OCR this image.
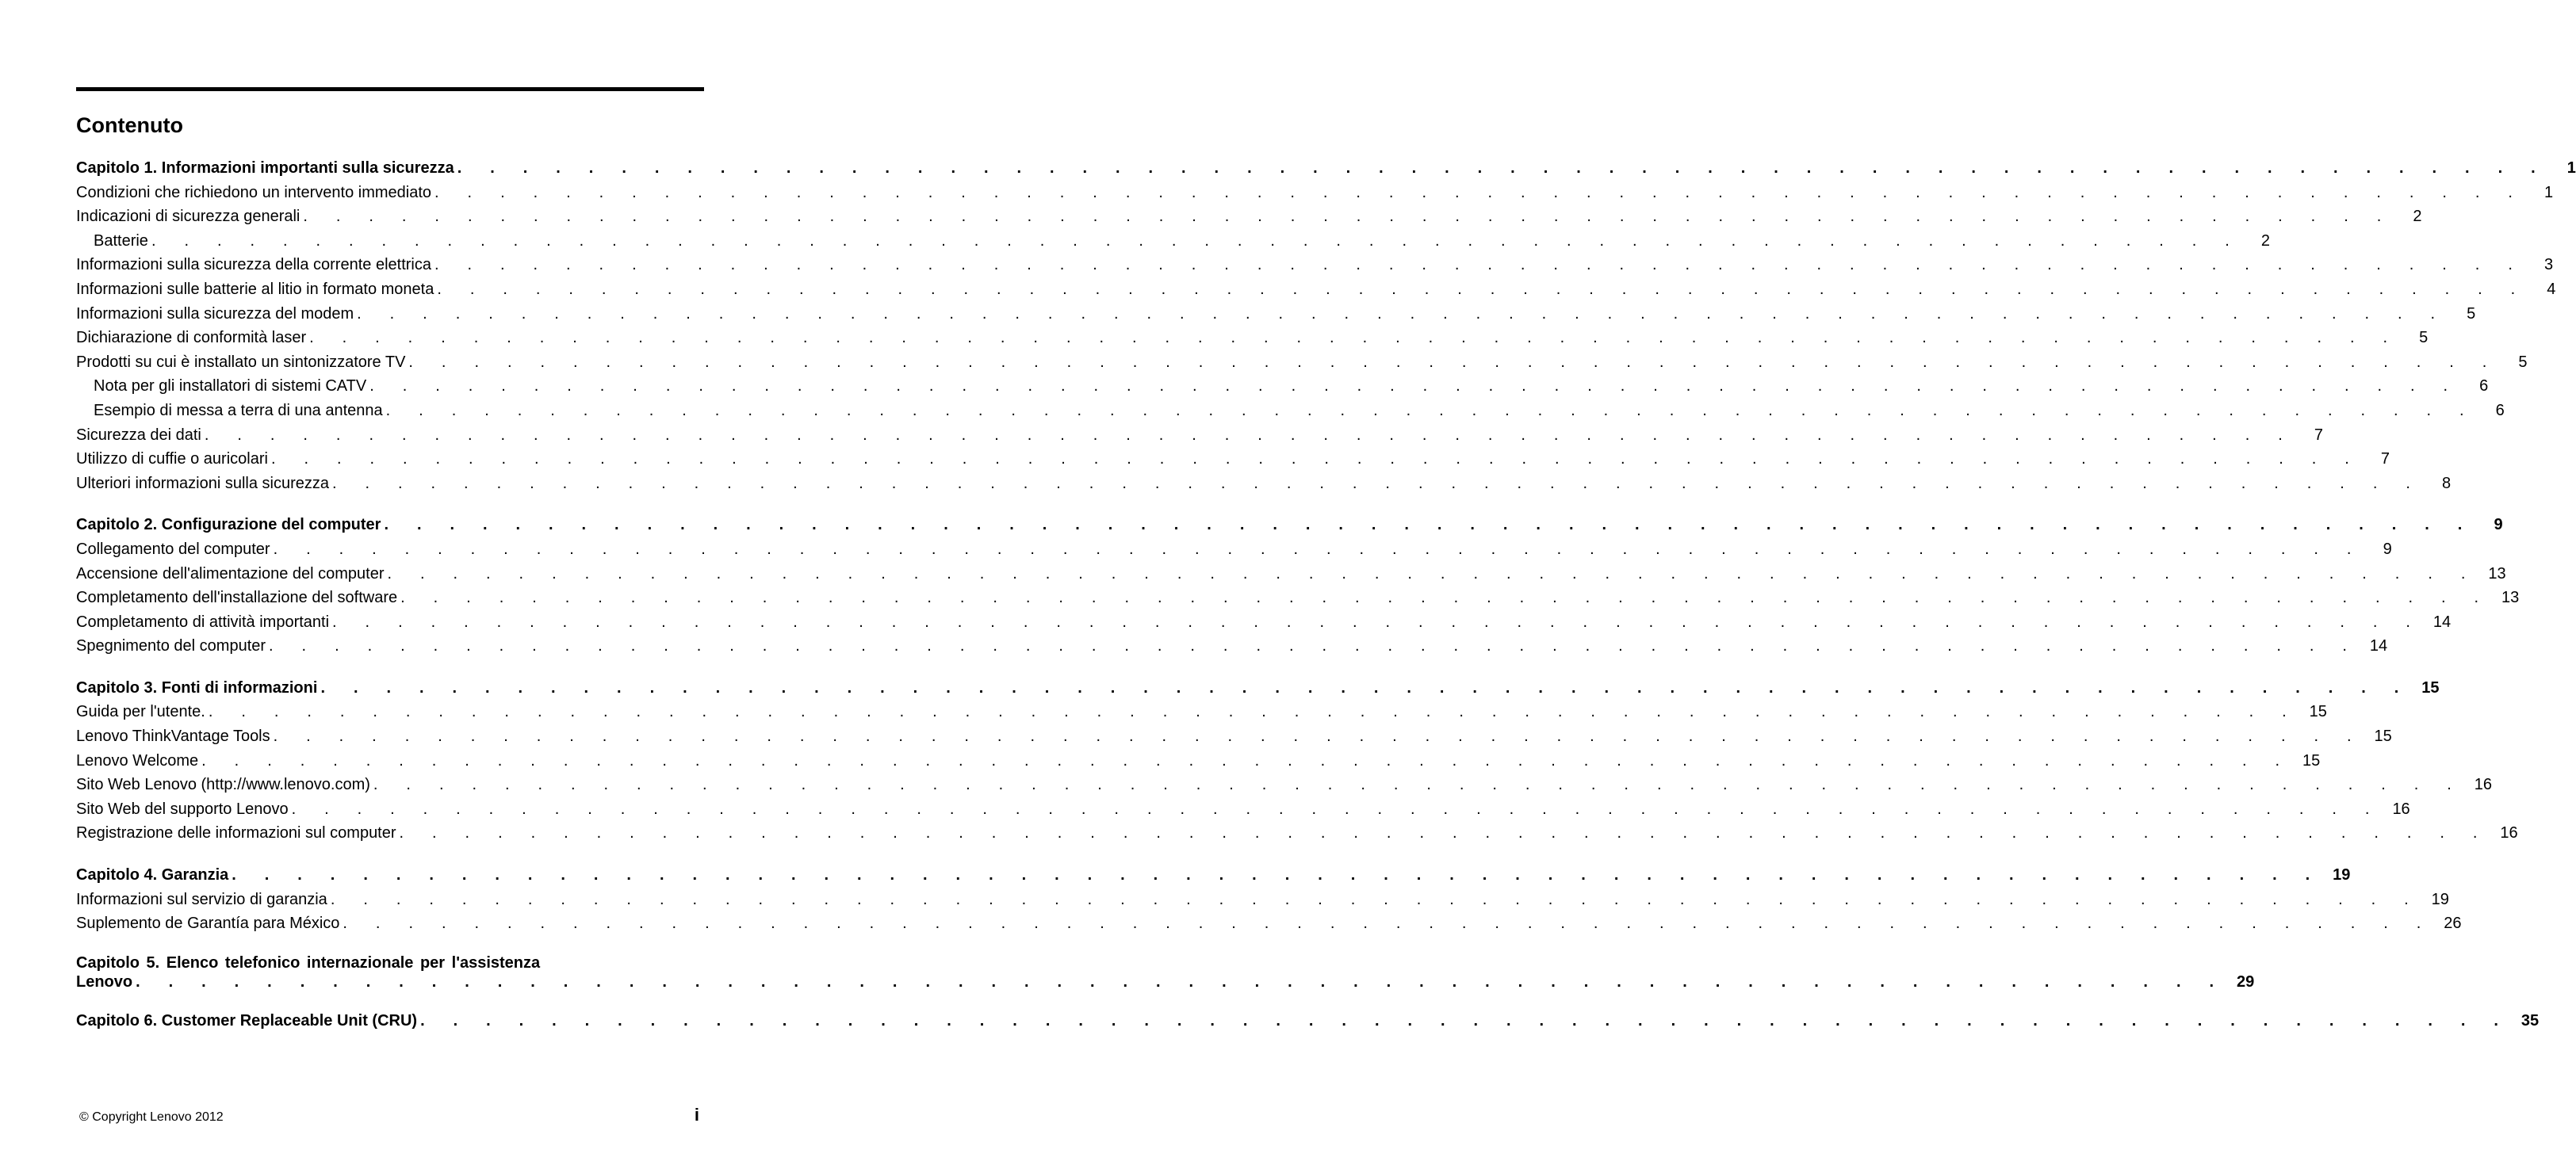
Contenuto
Capitolo 1. Informazioni importanti sulla sicurezza . . . . . . . . . . . . . . . . . . . . . . . . . . . . . . . . . . . . . . . . . . . . . . . . . . . . . . . . . . . . . . . .	1
Condizioni che richiedono un intervento immediato . . . . . . . . . . . . . . . . . . . . . . . . . . . . . . . . . . . . . . . . . . . . . . . . . . . . . . . . . . . . . . . .	1
Indicazioni di sicurezza generali . . . . . . . . . . . . . . . . . . . . . . . . . . . . . . . . . . . . . . . . . . . . . . . . . . . . . . . . . . . . . . . .	2
Batterie . . . . . . . . . . . . . . . . . . . . . . . . . . . . . . . . . . . . . . . . . . . . . . . . . . . . . . . . . . . . . . . .	2
Informazioni sulla sicurezza della corrente elettrica . . . . . . . . . . . . . . . . . . . . . . . . . . . . . . . . . . . . . . . . . . . . . . . . . . . . . . . . . . . . . . . .	3
Informazioni sulle batterie al litio in formato moneta . . . . . . . . . . . . . . . . . . . . . . . . . . . . . . . . . . . . . . . . . . . . . . . . . . . . . . . . . . . . . . . .	4
Informazioni sulla sicurezza del modem . . . . . . . . . . . . . . . . . . . . . . . . . . . . . . . . . . . . . . . . . . . . . . . . . . . . . . . . . . . . . . . .	5
Dichiarazione di conformità laser . . . . . . . . . . . . . . . . . . . . . . . . . . . . . . . . . . . . . . . . . . . . . . . . . . . . . . . . . . . . . . . .	5
Prodotti su cui è installato un sintonizzatore TV . . . . . . . . . . . . . . . . . . . . . . . . . . . . . . . . . . . . . . . . . . . . . . . . . . . . . . . . . . . . . . . .	5
Nota per gli installatori di sistemi CATV . . . . . . . . . . . . . . . . . . . . . . . . . . . . . . . . . . . . . . . . . . . . . . . . . . . . . . . . . . . . . . . .	6
Esempio di messa a terra di una antenna . . . . . . . . . . . . . . . . . . . . . . . . . . . . . . . . . . . . . . . . . . . . . . . . . . . . . . . . . . . . . . . .	6
Sicurezza dei dati . . . . . . . . . . . . . . . . . . . . . . . . . . . . . . . . . . . . . . . . . . . . . . . . . . . . . . . . . . . . . . . .	7
Utilizzo di cuffie o auricolari . . . . . . . . . . . . . . . . . . . . . . . . . . . . . . . . . . . . . . . . . . . . . . . . . . . . . . . . . . . . . . . .	7
Ulteriori informazioni sulla sicurezza . . . . . . . . . . . . . . . . . . . . . . . . . . . . . . . . . . . . . . . . . . . . . . . . . . . . . . . . . . . . . . . .	8
Capitolo 2. Configurazione del computer . . . . . . . . . . . . . . . . . . . . . . . . . . . . . . . . . . . . . . . . . . . . . . . . . . . . . . . . . . . . . . . .	9
Collegamento del computer . . . . . . . . . . . . . . . . . . . . . . . . . . . . . . . . . . . . . . . . . . . . . . . . . . . . . . . . . . . . . . . .	9
Accensione dell'alimentazione del computer . . . . . . . . . . . . . . . . . . . . . . . . . . . . . . . . . . . . . . . . . . . . . . . . . . . . . . . . . . . . . . . . 13
Completamento dell'installazione del software . . . . . . . . . . . . . . . . . . . . . . . . . . . . . . . . . . . . . . . . . . . . . . . . . . . . . . . . . . . . . . . . 13
Completamento di attività importanti . . . . . . . . . . . . . . . . . . . . . . . . . . . . . . . . . . . . . . . . . . . . . . . . . . . . . . . . . . . . . . . . 14
Spegnimento del computer . . . . . . . . . . . . . . . . . . . . . . . . . . . . . . . . . . . . . . . . . . . . . . . . . . . . . . . . . . . . . . . . 14
Capitolo 3. Fonti di informazioni . . . . . . . . . . . . . . . . . . . . . . . . . . . . . . . . . . . . . . . . . . . . . . . . . . . . . . . . . . . . . . . . 15
Guida per l'utente. . . . . . . . . . . . . . . . . . . . . . . . . . . . . . . . . . . . . . . . . . . . . . . . . . . . . . . . . . . . . . . . . 15
Lenovo ThinkVantage Tools . . . . . . . . . . . . . . . . . . . . . . . . . . . . . . . . . . . . . . . . . . . . . . . . . . . . . . . . . . . . . . . . 15
Lenovo Welcome . . . . . . . . . . . . . . . . . . . . . . . . . . . . . . . . . . . . . . . . . . . . . . . . . . . . . . . . . . . . . . . . 15
Sito Web Lenovo (http://www.lenovo.com) . . . . . . . . . . . . . . . . . . . . . . . . . . . . . . . . . . . . . . . . . . . . . . . . . . . . . . . . . . . . . . . . 16
Sito Web del supporto Lenovo . . . . . . . . . . . . . . . . . . . . . . . . . . . . . . . . . . . . . . . . . . . . . . . . . . . . . . . . . . . . . . . . 16
Registrazione delle informazioni sul computer . . . . . . . . . . . . . . . . . . . . . . . . . . . . . . . . . . . . . . . . . . . . . . . . . . . . . . . . . . . . . . . . 16
Capitolo 4. Garanzia . . . . . . . . . . . . . . . . . . . . . . . . . . . . . . . . . . . . . . . . . . . . . . . . . . . . . . . . . . . . . . . . 19
Informazioni sul servizio di garanzia . . . . . . . . . . . . . . . . . . . . . . . . . . . . . . . . . . . . . . . . . . . . . . . . . . . . . . . . . . . . . . . . 19
Suplemento de Garantía para México . . . . . . . . . . . . . . . . . . . . . . . . . . . . . . . . . . . . . . . . . . . . . . . . . . . . . . . . . . . . . . . . 26
Capitolo 5. Elenco telefonico internazionale per l'assistenza
Lenovo . . . . . . . . . . . . . . . . . . . . . . . . . . . . . . . . . . . . . . . . . . . . . . . . . . . . . . . . . . . . . . . . 29
Capitolo 6. Customer Replaceable Unit (CRU) . . . . . . . . . . . . . . . . . . . . . . . . . . . . . . . . . . . . . . . . . . . . . . . . . . . . . . . . . . . . . . . . 35
© Copyright Lenovo 2012	i
